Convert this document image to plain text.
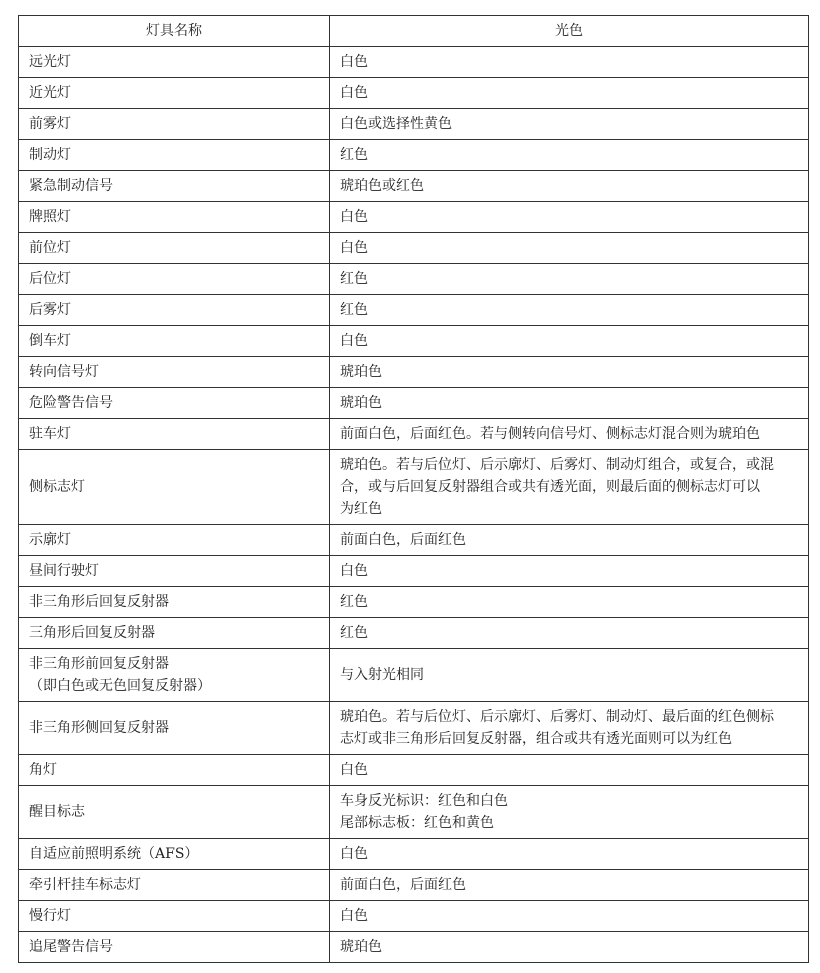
灯具名称	光色

远光灯	白色

近光灯	白色

前雾灯	白色或选择性黄色

制动灯	红色

紧急制动信号	琥珀色或红色

牌照灯	白色

前位灯	白色

后位灯	红色

后雾灯	红色

倒车灯	白色

转向信号灯	琥珀色

危险警告信号	琥珀色

驻车灯	前面白色，后面红色。若与侧转向信号灯、侧标志灯混合则为琥珀色

侧标志灯	琥珀色。若与后位灯、后示廓灯、后雾灯、制动灯组合，或复合，或混
合，或与后回复反射器组合或共有透光面，则最后面的侧标志灯可以
为红色

示廓灯	前面白色，后面红色

昼间行驶灯	白色

非三角形后回复反射器	红色

三角形后回复反射器	红色

非三角形前回复反射器
（即白色或无色回复反射器）	与入射光相同

非三角形侧回复反射器	琥珀色。若与后位灯、后示廓灯、后雾灯、制动灯、最后面的红色侧标
志灯或非三角形后回复反射器，组合或共有透光面则可以为红色

角灯	白色

醒目标志	车身反光标识：红色和白色
尾部标志板：红色和黄色

自适应前照明系统（AFS）	白色

牵引杆挂车标志灯	前面白色，后面红色

慢行灯	白色

追尾警告信号	琥珀色
